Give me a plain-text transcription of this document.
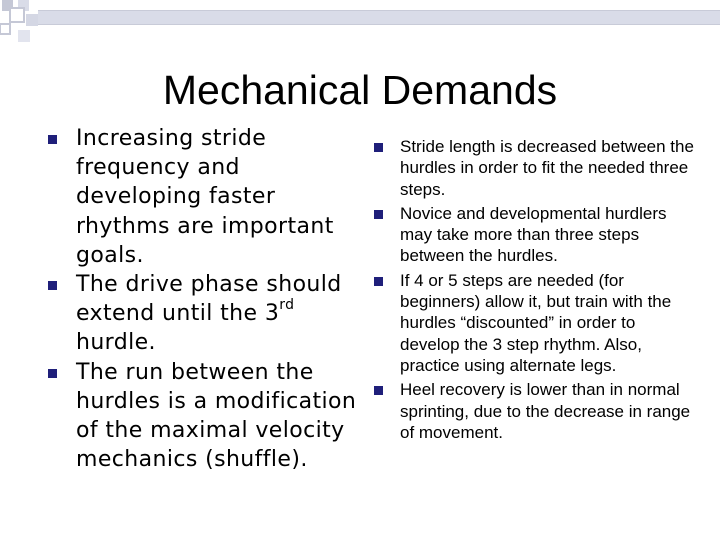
Mechanical Demands
Increasing stride frequency and developing faster rhythms are important goals.
The drive phase should extend until the 3rd hurdle.
The run between the hurdles is a modification of the maximal velocity mechanics (shuffle).
Stride length is decreased between the hurdles in order to fit the needed three steps.
Novice and developmental hurdlers may take more than three steps between the hurdles.
If 4 or 5 steps are needed (for beginners) allow it, but train with the hurdles “discounted” in order to develop the 3 step rhythm. Also, practice using alternate legs.
Heel recovery is lower than in normal sprinting, due to the decrease in range of movement.
